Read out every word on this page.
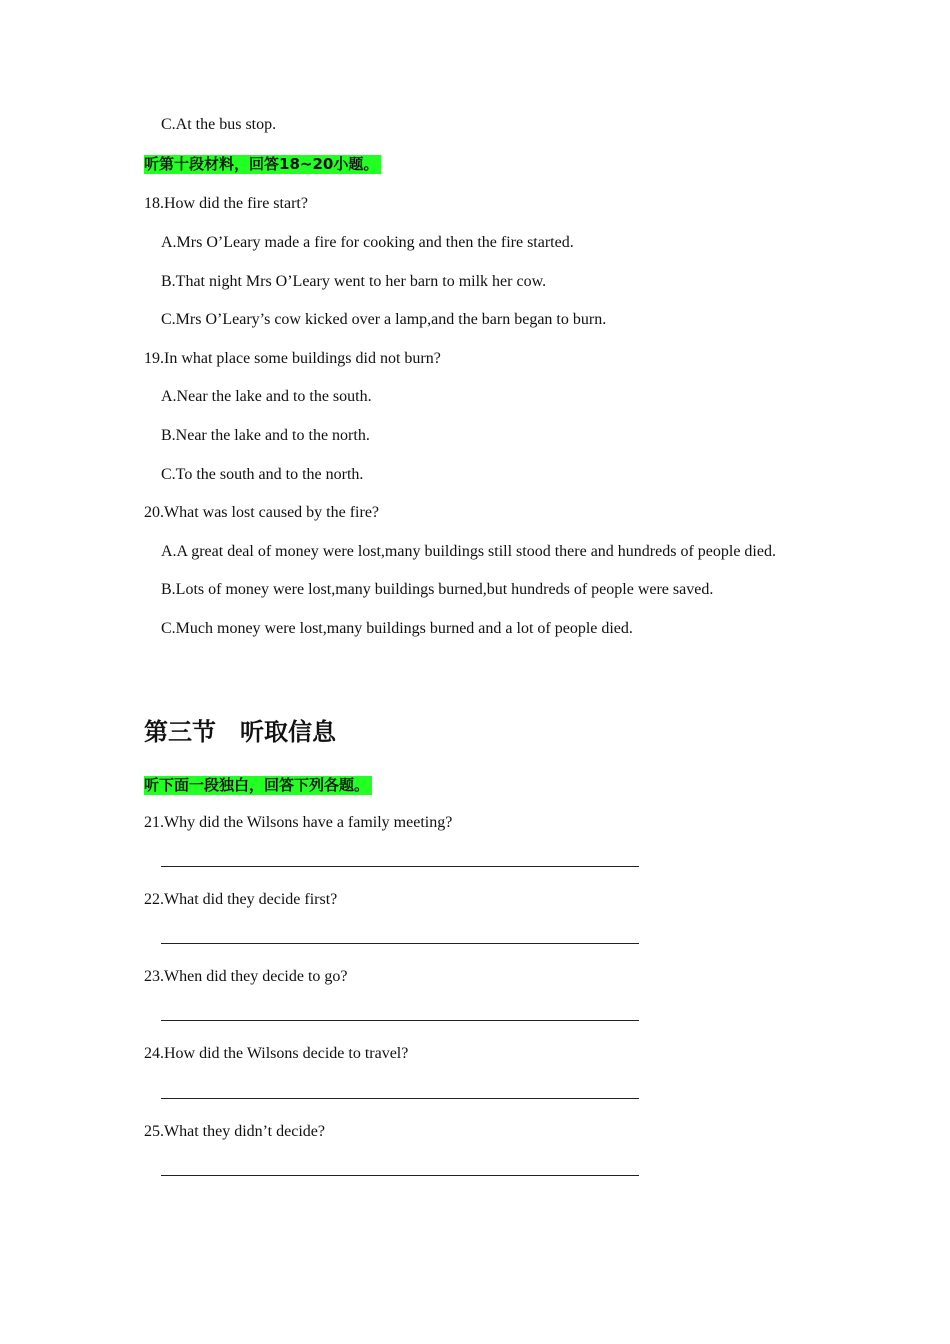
C.At the bus stop.
听第十段材料，回答18~20小题。
18.How did the fire start?
A.Mrs O’Leary made a fire for cooking and then the fire started.
B.That night Mrs O’Leary went to her barn to milk her cow.
C.Mrs O’Leary’s cow kicked over a lamp,and the barn began to burn.
19.In what place some buildings did not burn?
A.Near the lake and to the south.
B.Near the lake and to the north.
C.To the south and to the north.
20.What was lost caused by the fire?
A.A great deal of money were lost,many buildings still stood there and hundreds of people died.
B.Lots of money were lost,many buildings burned,but hundreds of people were saved.
C.Much money were lost,many buildings burned and a lot of people died.
第三节　听取信息
听下面一段独白，回答下列各题。
21.Why did the Wilsons have a family meeting?
22.What did they decide first?
23.When did they decide to go?
24.How did the Wilsons decide to travel?
25.What they didn’t decide?
